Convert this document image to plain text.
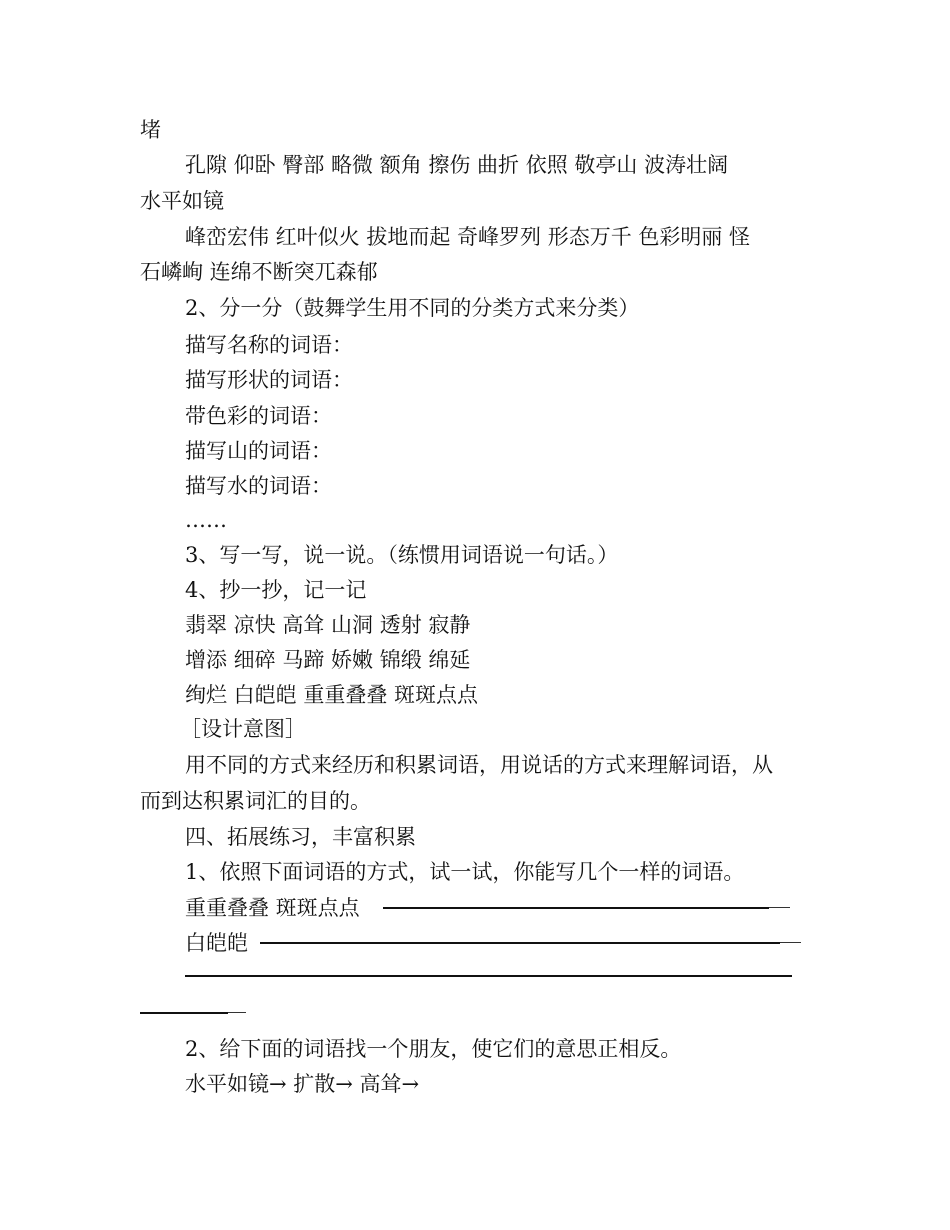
堵
孔隙 仰卧 臀部 略微 额角 擦伤 曲折 依照 敬亭山 波涛壮阔
水平如镜
峰峦宏伟 红叶似火 拔地而起 奇峰罗列 形态万千 色彩明丽 怪
石嶙峋 连绵不断突兀森郁
2、分一分（鼓舞学生用不同的分类方式来分类）
描写名称的词语：
描写形状的词语：
带色彩的词语：
描写山的词语：
描写水的词语：
……
3、写一写，说一说。（练惯用词语说一句话。）
4、抄一抄，记一记
翡翠 凉快 高耸 山洞 透射 寂静
增添 细碎 马蹄 娇嫩 锦缎 绵延
绚烂 白皑皑 重重叠叠 斑斑点点
［设计意图］
用不同的方式来经历和积累词语，用说话的方式来理解词语，从
而到达积累词汇的目的。
四、拓展练习，丰富积累
1、依照下面词语的方式，试一试，你能写几个一样的词语。
重重叠叠 斑斑点点
白皑皑
2、给下面的词语找一个朋友，使它们的意思正相反。
水平如镜→ 扩散→ 高耸→
